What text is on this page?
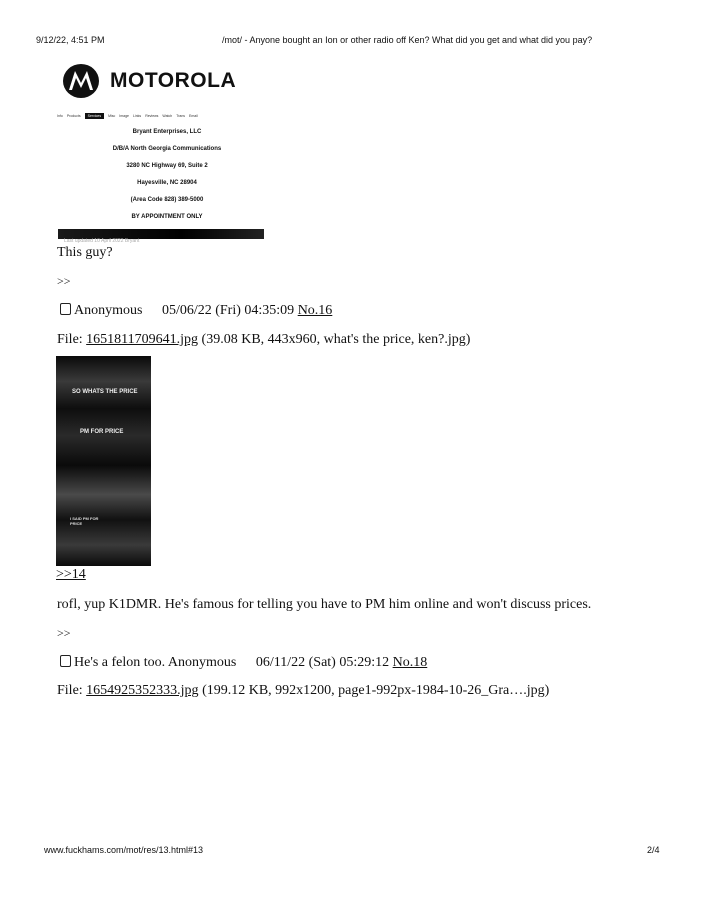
9/12/22, 4:51 PM	/mot/ - Anyone bought an Ion or other radio off Ken? What did you get and what did you pay?
MOTOROLA
Info Products	Services	Misc Image Links Reviews Watch Trans Email
Bryant Enterprises, LLC
D/B/A North Georgia Communications
3280 NC Highway 69, Suite 2
Hayesville, NC 28904
(Area Code 828) 389-5000
BY APPOINTMENT ONLY
Last updated 10 April 2022 Bryant
This guy?
>>
Anonymous 05/06/22 (Fri) 04:35:09 No.16
File: 1651811709641.jpg (39.08 KB, 443x960, what's the price, ken?.jpg)
SO WHATS THE PRICE
PM FOR PRICE
I SAID PM FOR PRICE
>>14
rofl, yup K1DMR. He's famous for telling you have to PM him online and won't discuss prices.
>>
He's a felon too. Anonymous 06/11/22 (Sat) 05:29:12 No.18
File: 1654925352333.jpg (199.12 KB, 992x1200, page1-992px-1984-10-26_Gra….jpg)
www.fuckhams.com/mot/res/13.html#13	2/4
